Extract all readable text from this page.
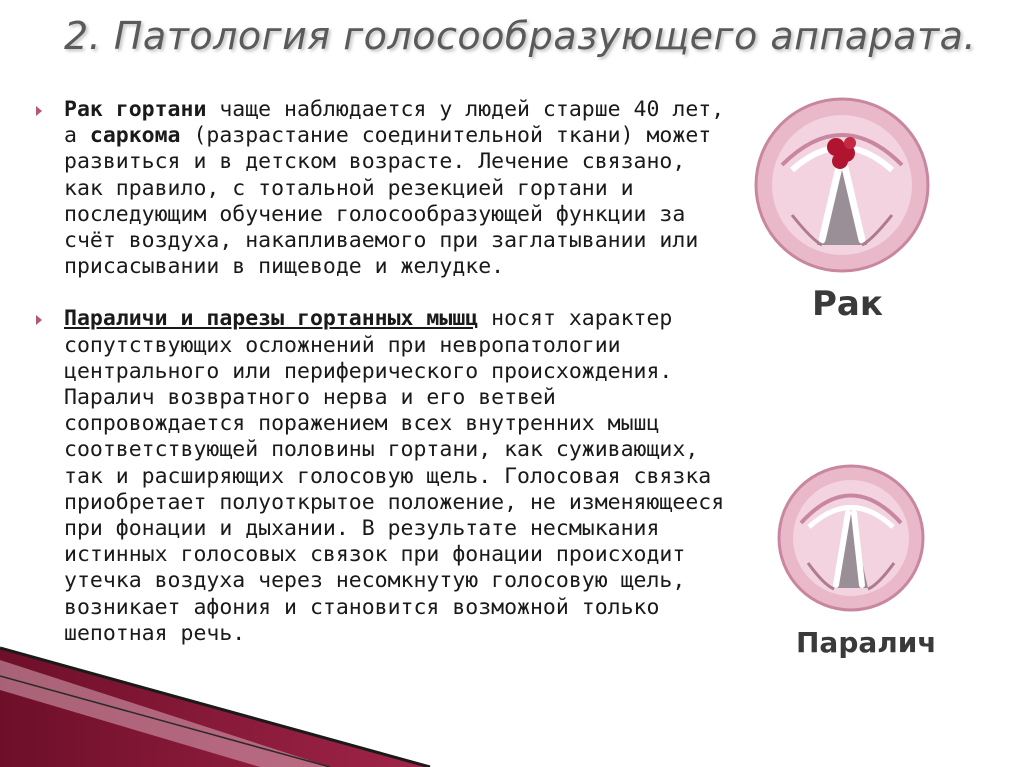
2. Патология голосообразующего аппарата.
Рак гортани чаще наблюдается у людей старше 40 лет, а саркома (разрастание соединительной ткани) может развиться и в детском возрасте. Лечение связано, как правило, с тотальной резекцией гортани и последующим обучение голосообразующей функции за счёт воздуха, накапливаемого при заглатывании или присасывании в пищеводе и желудке.
Параличи и парезы гортанных мышц носят характер сопутствующих осложнений при невропатологии центрального или периферического происхождения. Паралич возвратного нерва и его ветвей сопровождается поражением всех внутренних мышц соответствующей половины гортани, как суживающих, так и расширяющих голосовую щель. Голосовая связка приобретает полуоткрытое положение, не изменяющееся при фонации и дыхании. В результате несмыкания истинных голосовых связок при фонации происходит утечка воздуха через несомкнутую голосовую щель, возникает афония и становится возможной только шепотная речь.
Рак
Паралич
